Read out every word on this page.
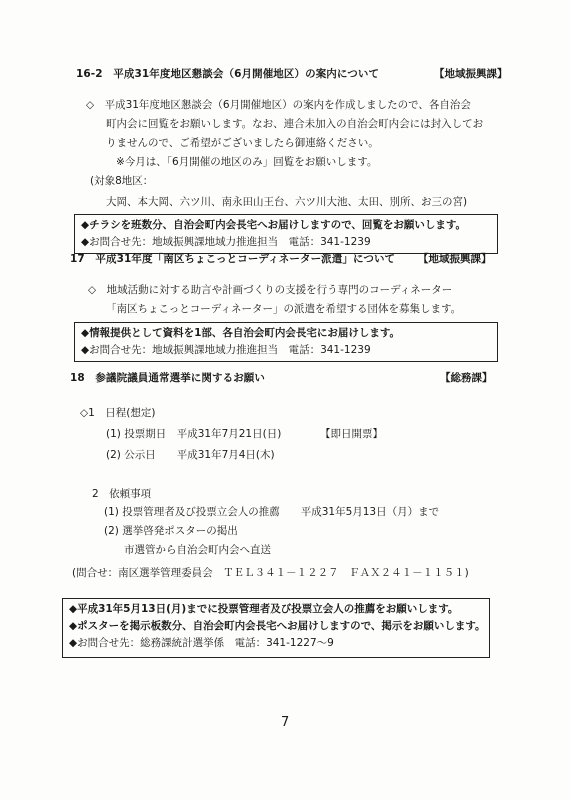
16-2　平成31年度地区懇談会（6月開催地区）の案内について	【地域振興課】
◇　平成31年度地区懇談会（6月開催地区）の案内を作成しましたので、各自治会
町内会に回覧をお願いします。なお、連合未加入の自治会町内会には封入してお
りませんので、ご希望がございましたら御連絡ください。
※今月は、「6月開催の地区のみ」回覧をお願いします。
(対象8地区：
大岡、本大岡、六ツ川、南永田山王台、六ツ川大池、太田、別所、お三の宮)
◆チラシを班数分、自治会町内会長宅へお届けしますので、回覧をお願いします。
◆お問合せ先：地域振興課地域力推進担当　電話：341-1239
17　平成31年度「南区ちょこっとコーディネーター派遣」について 【地域振興課】
◇　地域活動に対する助言や計画づくりの支援を行う専門のコーディネーター
「南区ちょこっとコーディネーター」の派遣を希望する団体を募集します。
◆情報提供として資料を1部、各自治会町内会長宅にお届けします。
◆お問合せ先：地域振興課地域力推進担当　電話：341-1239
18　参議院議員通常選挙に関するお願い	【総務課】
◇1　日程(想定)
(1) 投票期日　平成31年7月21日(日)	【即日開票】
(2) 公示日　　平成31年7月4日(木)
2　依頼事項
(1) 投票管理者及び投票立会人の推薦　　平成31年5月13日（月）まで
(2) 選挙啓発ポスターの掲出
市選管から自治会町内会へ直送
(問合せ：南区選挙管理委員会　ＴＥＬ３４１－１２２７　ＦＡＸ２４１－１１５１)
◆平成31年5月13日(月)までに投票管理者及び投票立会人の推薦をお願いします。
◆ポスターを掲示板数分、自治会町内会長宅へお届けしますので、掲示をお願いします。
◆お問合せ先：総務課統計選挙係　電話：341-1227～9
7
